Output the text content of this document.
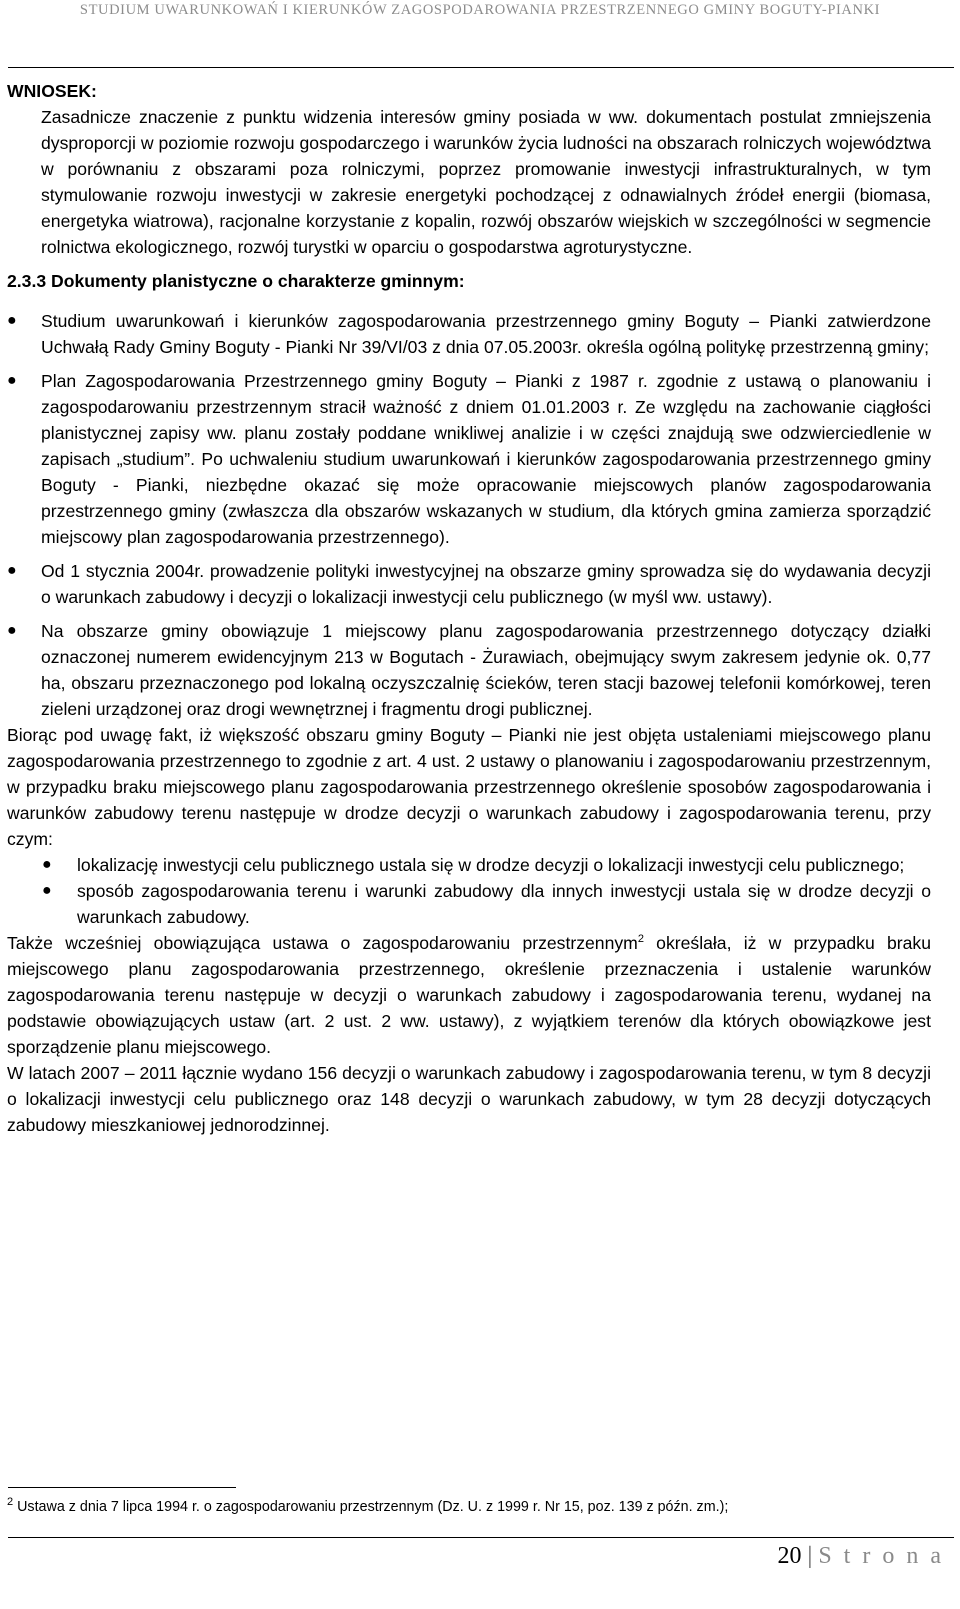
STUDIUM UWARUNKOWAŃ I KIERUNKÓW ZAGOSPODAROWANIA PRZESTRZENNEGO GMINY BOGUTY-PIANKI

WNIOSEK:

Zasadnicze znaczenie z punktu widzenia interesów gminy posiada w ww. dokumentach postulat zmniejszenia dysproporcji w poziomie rozwoju gospodarczego i warunków życia ludności na obszarach rolniczych województwa w porównaniu z obszarami poza rolniczymi, poprzez promowanie inwestycji infrastrukturalnych, w tym stymulowanie rozwoju inwestycji w zakresie energetyki pochodzącej z odnawialnych źródeł energii (biomasa, energetyka wiatrowa), racjonalne korzystanie z kopalin, rozwój obszarów wiejskich w szczególności w segmencie rolnictwa ekologicznego, rozwój turystki w oparciu o gospodarstwa agroturystyczne.

2.3.3 Dokumenty planistyczne o charakterze gminnym:

● Studium uwarunkowań i kierunków zagospodarowania przestrzennego gminy Boguty – Pianki zatwierdzone Uchwałą Rady Gminy Boguty - Pianki Nr 39/VI/03 z dnia 07.05.2003r. określa ogólną politykę przestrzenną gminy;
● Plan Zagospodarowania Przestrzennego gminy Boguty – Pianki z 1987 r. zgodnie z ustawą o planowaniu i zagospodarowaniu przestrzennym stracił ważność z dniem 01.01.2003 r. Ze względu na zachowanie ciągłości planistycznej zapisy ww. planu zostały poddane wnikliwej analizie i w części znajdują swe odzwierciedlenie w zapisach „studium”. Po uchwaleniu studium uwarunkowań i kierunków zagospodarowania przestrzennego gminy Boguty - Pianki, niezbędne okazać się może opracowanie miejscowych planów zagospodarowania przestrzennego gminy (zwłaszcza dla obszarów wskazanych w studium, dla których gmina zamierza sporządzić miejscowy plan zagospodarowania przestrzennego).
● Od 1 stycznia 2004r. prowadzenie polityki inwestycyjnej na obszarze gminy sprowadza się do wydawania decyzji o warunkach zabudowy i decyzji o lokalizacji inwestycji celu publicznego (w myśl ww. ustawy).
● Na obszarze gminy obowiązuje 1 miejscowy planu zagospodarowania przestrzennego dotyczący działki oznaczonej numerem ewidencyjnym 213 w Bogutach - Żurawiach, obejmujący swym zakresem jedynie ok. 0,77 ha, obszaru przeznaczonego pod lokalną oczyszczalnię ścieków, teren stacji bazowej telefonii komórkowej, teren zieleni urządzonej oraz drogi wewnętrznej i fragmentu drogi publicznej.

Biorąc pod uwagę fakt, iż większość obszaru gminy Boguty – Pianki nie jest objęta ustaleniami miejscowego planu zagospodarowania przestrzennego to zgodnie z art. 4 ust. 2 ustawy o planowaniu i zagospodarowaniu przestrzennym, w przypadku braku miejscowego planu zagospodarowania przestrzennego określenie sposobów zagospodarowania i warunków zabudowy terenu następuje w drodze decyzji o warunkach zabudowy i zagospodarowania terenu, przy czym:

● lokalizację inwestycji celu publicznego ustala się w drodze decyzji o lokalizacji inwestycji celu publicznego;
● sposób zagospodarowania terenu i warunki zabudowy dla innych inwestycji ustala się w drodze decyzji o warunkach zabudowy.

Także wcześniej obowiązująca ustawa o zagospodarowaniu przestrzennym$^2$ określała, iż w przypadku braku miejscowego planu zagospodarowania przestrzennego, określenie przeznaczenia i ustalenie warunków zagospodarowania terenu następuje w decyzji o warunkach zabudowy i zagospodarowania terenu, wydanej na podstawie obowiązujących ustaw (art. 2 ust. 2 ww. ustawy), z wyjątkiem terenów dla których obowiązkowe jest sporządzenie planu miejscowego.

W latach 2007 – 2011 łącznie wydano 156 decyzji o warunkach zabudowy i zagospodarowania terenu, w tym 8 decyzji o lokalizacji inwestycji celu publicznego oraz 148 decyzji o warunkach zabudowy, w tym 28 decyzji dotyczących zabudowy mieszkaniowej jednorodzinnej.

$^2$ Ustawa z dnia 7 lipca 1994 r. o zagospodarowaniu przestrzennym (Dz. U. z 1999 r. Nr 15, poz. 139 z późn. zm.);
20 | S t r o n a
